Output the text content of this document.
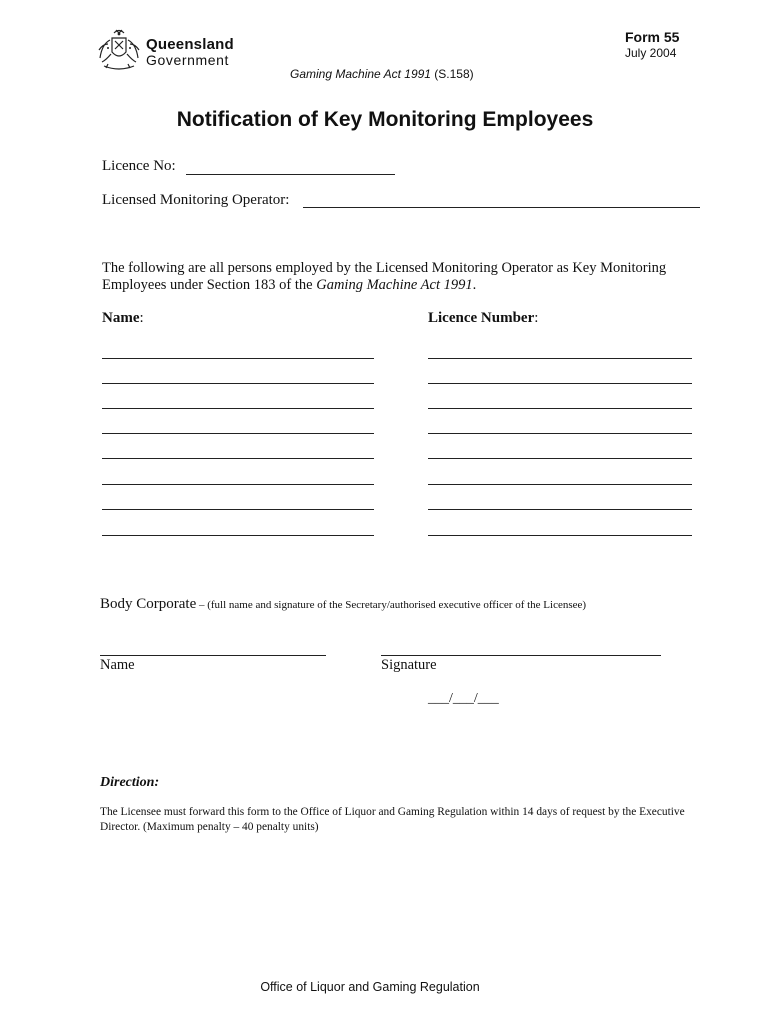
Queensland
Government
Form 55
July 2004
Gaming Machine Act 1991 (S.158)
Notification of Key Monitoring Employees
Licence No:
Licensed Monitoring Operator:
The following are all persons employed by the Licensed Monitoring Operator as Key Monitoring Employees under Section 183 of the Gaming Machine Act 1991.
Name:	Licence Number:
Body Corporate – (full name and signature of the Secretary/authorised executive officer of the Licensee)
Name	Signature
___/___/___
Direction:
The Licensee must forward this form to the Office of Liquor and Gaming Regulation within 14 days of request by the Executive Director. (Maximum penalty – 40 penalty units)
Office of Liquor and Gaming Regulation
